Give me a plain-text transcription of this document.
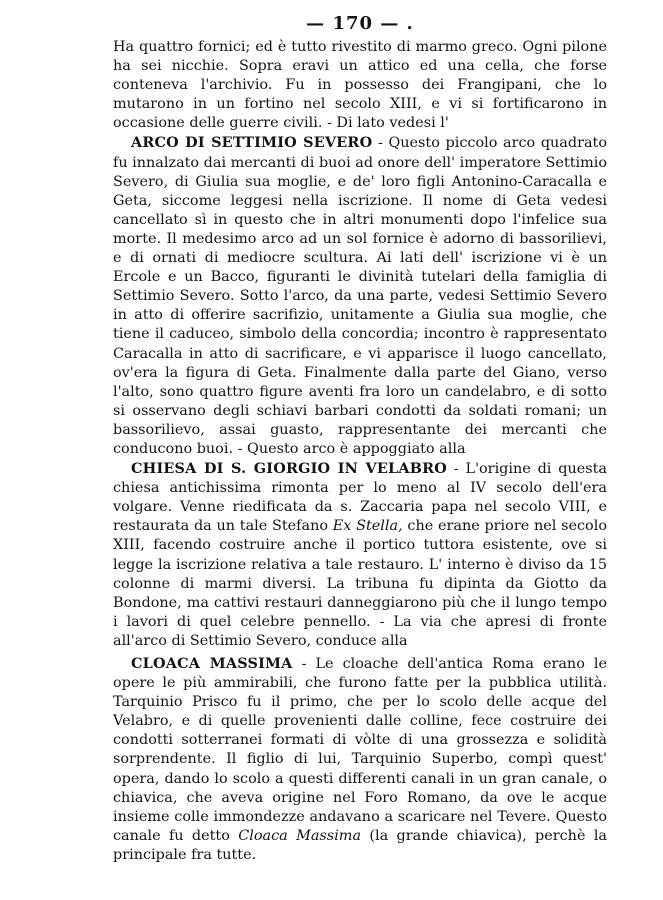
— 170 — .

Ha quattro fornici; ed è tutto rivestito di marmo greco. Ogni pilone ha sei nicchie. Sopra eravi un attico ed una cella, che forse conteneva l'archivio. Fu in possesso dei Frangipani, che lo mutarono in un fortino nel secolo XIII, e vi si fortificarono in occasione delle guerre civili. - Di lato vedesi l'

ARCO DI SETTIMIO SEVERO - Questo piccolo arco quadrato fu innalzato dai mercanti di buoi ad onore dell' imperatore Settimio Severo, di Giulia sua moglie, e de' loro figli Antonino-Caracalla e Geta, siccome leggesi nella iscrizione. Il nome di Geta vedesi cancellato sì in questo che in altri monumenti dopo l'infelice sua morte. Il medesimo arco ad un sol fornice è adorno di bassorilievi, e di ornati di mediocre scultura. Ai lati dell' iscrizione vi è un Ercole e un Bacco, figuranti le divinità tutelari della famiglia di Settimio Severo. Sotto l'arco, da una parte, vedesi Settimio Severo in atto di offerire sacrifizio, unitamente a Giulia sua moglie, che tiene il caduceo, simbolo della concordia; incontro è rappresentato Caracalla in atto di sacrificare, e vi apparisce il luogo cancellato, ov'era la figura di Geta. Finalmente dalla parte del Giano, verso l'alto, sono quattro figure aventi fra loro un candelabro, e di sotto si osservano degli schiavi barbari condotti da soldati romani; un bassorilievo, assai guasto, rappresentante dei mercanti che conducono buoi. - Questo arco è appoggiato alla

CHIESA DI S. GIORGIO IN VELABRO - L'origine di questa chiesa antichissima rimonta per lo meno al IV secolo dell'era volgare. Venne riedificata da s. Zaccaria papa nel secolo VIII, e restaurata da un tale Stefano Ex Stella, che erane priore nel secolo XIII, facendo costruire anche il portico tuttora esistente, ove si legge la iscrizione relativa a tale restauro. L' interno è diviso da 15 colonne di marmi diversi. La tribuna fu dipinta da Giotto da Bondone, ma cattivi restauri danneggiarono più che il lungo tempo i lavori di quel celebre pennello. - La via che apresi di fronte all'arco di Settimio Severo, conduce alla

CLOACA MASSIMA - Le cloache dell'antica Roma erano le opere le più ammirabili, che furono fatte per la pubblica utilità. Tarquinio Prisco fu il primo, che per lo scolo delle acque del Velabro, e di quelle provenienti dalle colline, fece costruire dei condotti sotterranei formati di vòlte di una grossezza e solidità sorprendente. Il figlio di lui, Tarquinio Superbo, compì quest' opera, dando lo scolo a questi differenti canali in un gran canale, o chiavica, che aveva origine nel Foro Romano, da ove le acque insieme colle immondezze andavano a scaricare nel Tevere. Questo canale fu detto Cloaca Massima (la grande chiavica), perchè la principale fra tutte.
